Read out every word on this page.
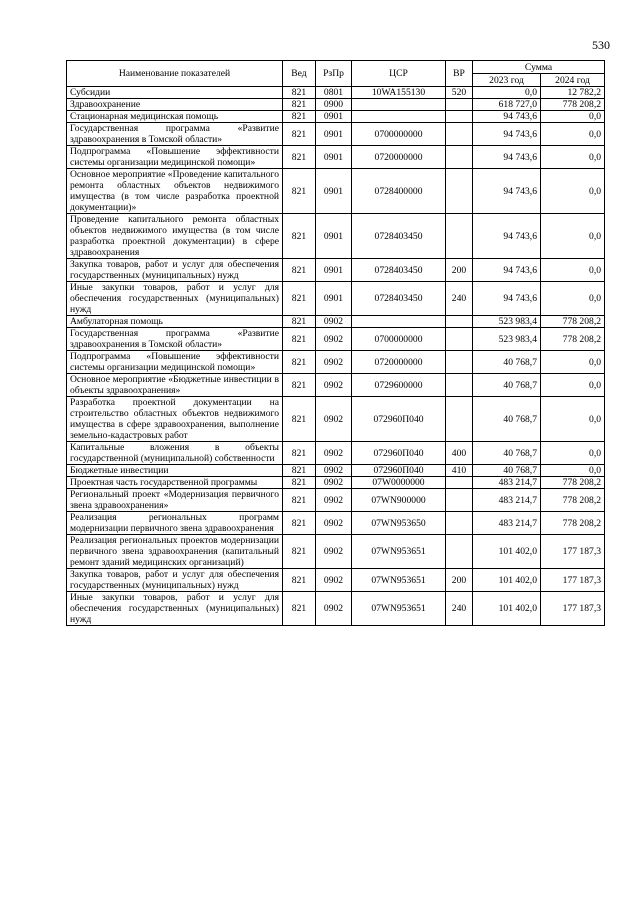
530
Наименование показателей	Вед	РзПр	ЦСР	ВР	Сумма	
					2023 год	2024 год
Субсидии	821	0801	10WA155130	520	0,0	12 782,2
Здравоохранение	821	0900			618 727,0	778 208,2
Стационарная медицинская помощь	821	0901			94 743,6	0,0
Государственная программа «Развитие здравоохранения в Томской области»	821	0901	0700000000		94 743,6	0,0
Подпрограмма «Повышение эффективности системы организации медицинской помощи»	821	0901	0720000000		94 743,6	0,0
Основное мероприятие «Проведение капитального ремонта областных объектов недвижимого имущества (в том числе разработка проектной документации)»	821	0901	0728400000		94 743,6	0,0
Проведение капитального ремонта областных объектов недвижимого имущества (в том числе разработка проектной документации) в сфере здравоохранения	821	0901	0728403450		94 743,6	0,0
Закупка товаров, работ и услуг для обеспечения государственных (муниципальных) нужд	821	0901	0728403450	200	94 743,6	0,0
Иные закупки товаров, работ и услуг для обеспечения государственных (муниципальных) нужд	821	0901	0728403450	240	94 743,6	0,0
Амбулаторная помощь	821	0902			523 983,4	778 208,2
Государственная программа «Развитие здравоохранения в Томской области»	821	0902	0700000000		523 983,4	778 208,2
Подпрограмма «Повышение эффективности системы организации медицинской помощи»	821	0902	0720000000		40 768,7	0,0
Основное мероприятие «Бюджетные инвестиции в объекты здравоохранения»	821	0902	0729600000		40 768,7	0,0
Разработка проектной документации на строительство областных объектов недвижимого имущества в сфере здравоохранения, выполнение земельно-кадастровых работ	821	0902	072960П040		40 768,7	0,0
Капитальные вложения в объекты государственной (муниципальной) собственности	821	0902	072960П040	400	40 768,7	0,0
Бюджетные инвестиции	821	0902	072960П040	410	40 768,7	0,0
Проектная часть государственной программы	821	0902	07W0000000		483 214,7	778 208,2
Региональный проект «Модернизация первичного звена здравоохранения»	821	0902	07WN900000		483 214,7	778 208,2
Реализация региональных программ модернизации первичного звена здравоохранения	821	0902	07WN953650		483 214,7	778 208,2
Реализация региональных проектов модернизации первичного звена здравоохранения (капитальный ремонт зданий медицинских организаций)	821	0902	07WN953651		101 402,0	177 187,3
Закупка товаров, работ и услуг для обеспечения государственных (муниципальных) нужд	821	0902	07WN953651	200	101 402,0	177 187,3
Иные закупки товаров, работ и услуг для обеспечения государственных (муниципальных) нужд	821	0902	07WN953651	240	101 402,0	177 187,3
